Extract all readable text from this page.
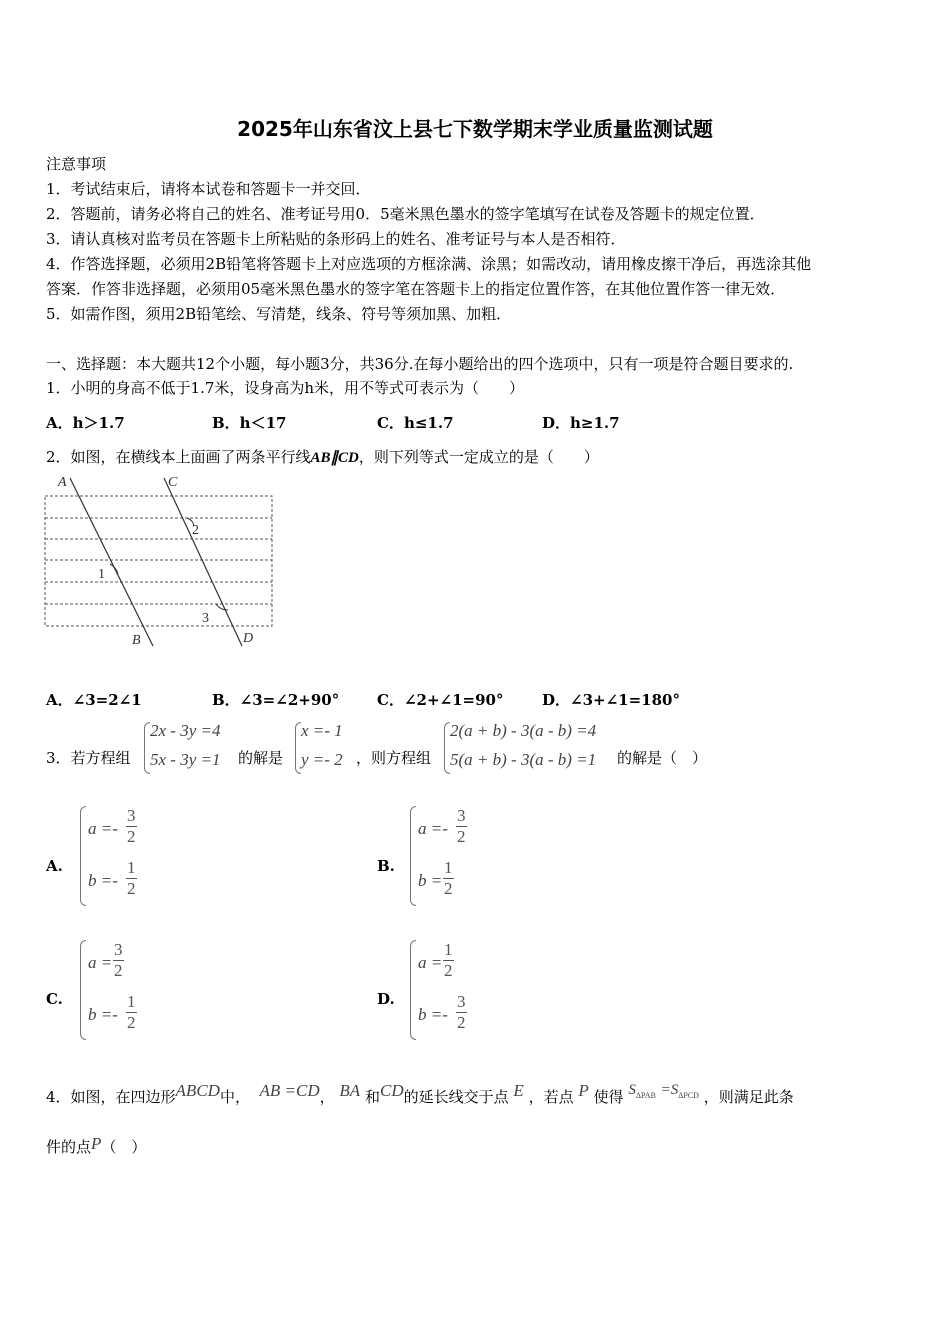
2025年山东省汶上县七下数学期末学业质量监测试题
注意事项
1．考试结束后，请将本试卷和答题卡一并交回．
2．答题前，请务必将自己的姓名、准考证号用0．5毫米黑色墨水的签字笔填写在试卷及答题卡的规定位置．
3．请认真核对监考员在答题卡上所粘贴的条形码上的姓名、准考证号与本人是否相符．
4．作答选择题，必须用2B铅笔将答题卡上对应选项的方框涂满、涂黑；如需改动，请用橡皮擦干净后，再选涂其他
答案．作答非选择题，必须用05毫米黑色墨水的签字笔在答题卡上的指定位置作答，在其他位置作答一律无效．
5．如需作图，须用2B铅笔绘、写清楚，线条、符号等须加黑、加粗．
一、选择题：本大题共12个小题，每小题3分，共36分.在每小题给出的四个选项中，只有一项是符合题目要求的.
1．小明的身高不低于1.7米，设身高为h米，用不等式可表示为（　　）
A．h＞1.7	B．h＜17	C．h≤1.7	D．h≥1.7
2．如图，在横线本上面画了两条平行线AB∥CD，则下列等式一定成立的是（　　）
A	C
2
1
3
B	D
A．∠3=2∠1	B．∠3=∠2+90°	C．∠2+∠1=90°	D．∠3+∠1=180°
3．若方程组
2x - 3y =4
5x - 3y =1 的解是
x =- 1
y =- 2 ，则方程组
2(a + b) - 3(a - b) =4
5(a + b) - 3(a - b) =1 的解是（　）
A.
$a =- \frac{3}{2}$
$b =- \frac{1}{2}$	B.
$a =- \frac{3}{2}$
$b = \frac{1}{2}$
C.
$a = \frac{3}{2}$
$b =- \frac{1}{2}$	D.
$a = \frac{1}{2}$
$b =- \frac{3}{2}$
4．如图，在四边形ABCD中， AB =CD， BA 和CD的延长线交于点 E ，若点 P 使得 $S_{\Delta PAB} =S_{\Delta PCD}$ ，则满足此条
件的点P（　）
